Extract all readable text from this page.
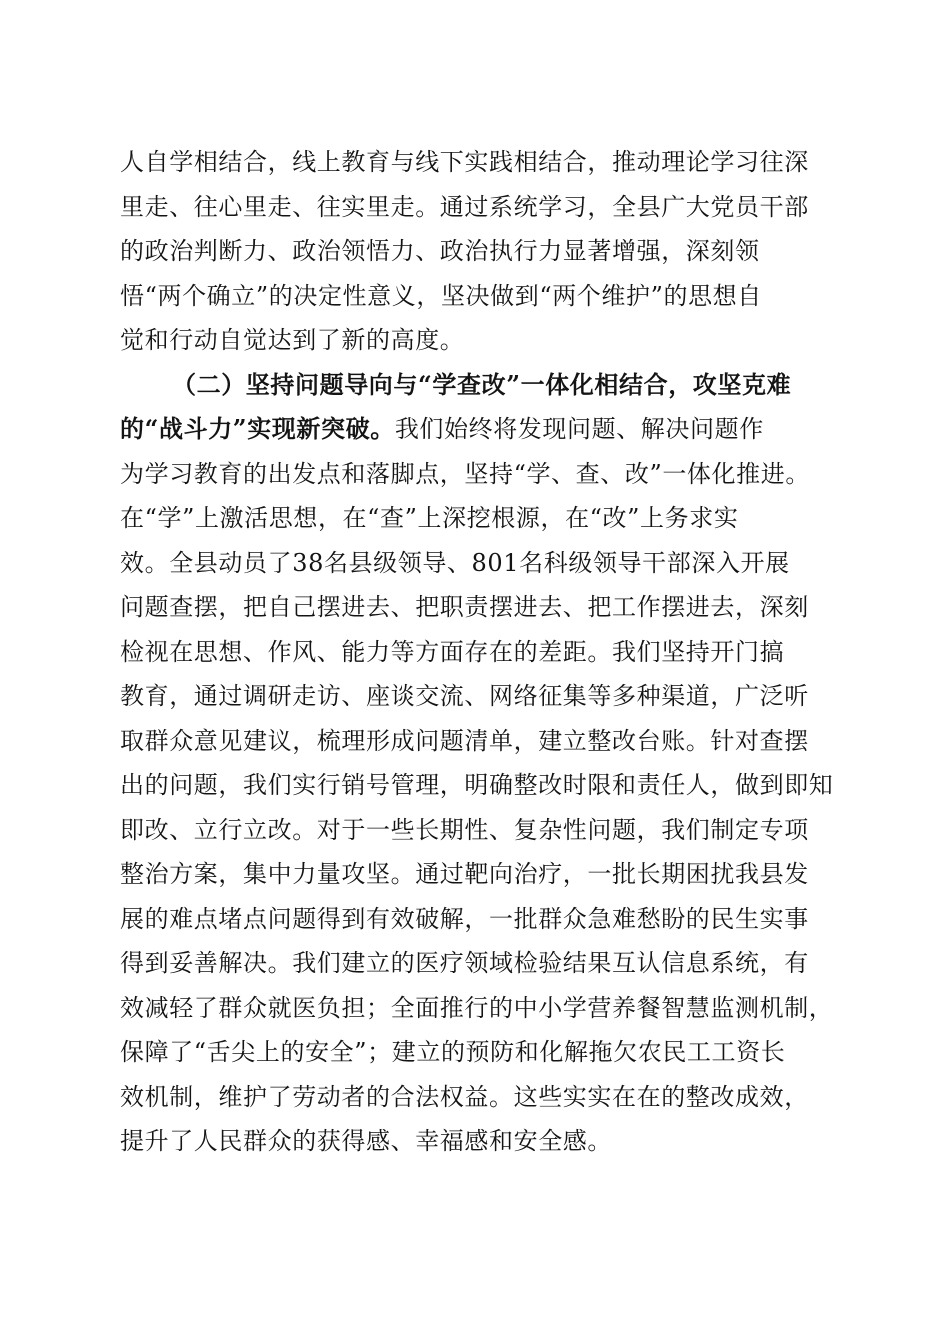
人自学相结合，线上教育与线下实践相结合，推动理论学习往深
里走、往心里走、往实里走。通过系统学习，全县广大党员干部
的政治判断力、政治领悟力、政治执行力显著增强，深刻领
悟“两个确立”的决定性意义，坚决做到“两个维护”的思想自
觉和行动自觉达到了新的高度。
（二）坚持问题导向与“学查改”一体化相结合，攻坚克难
的“战斗力”实现新突破。我们始终将发现问题、解决问题作
为学习教育的出发点和落脚点，坚持“学、查、改”一体化推进。
在“学”上激活思想，在“查”上深挖根源，在“改”上务求实
效。全县动员了38名县级领导、801名科级领导干部深入开展
问题查摆，把自己摆进去、把职责摆进去、把工作摆进去，深刻
检视在思想、作风、能力等方面存在的差距。我们坚持开门搞
教育，通过调研走访、座谈交流、网络征集等多种渠道，广泛听
取群众意见建议，梳理形成问题清单，建立整改台账。针对查摆
出的问题，我们实行销号管理，明确整改时限和责任人，做到即知
即改、立行立改。对于一些长期性、复杂性问题，我们制定专项
整治方案，集中力量攻坚。通过靶向治疗，一批长期困扰我县发
展的难点堵点问题得到有效破解，一批群众急难愁盼的民生实事
得到妥善解决。我们建立的医疗领域检验结果互认信息系统，有
效减轻了群众就医负担；全面推行的中小学营养餐智慧监测机制，
保障了“舌尖上的安全”；建立的预防和化解拖欠农民工工资长
效机制，维护了劳动者的合法权益。这些实实在在的整改成效，
提升了人民群众的获得感、幸福感和安全感。
